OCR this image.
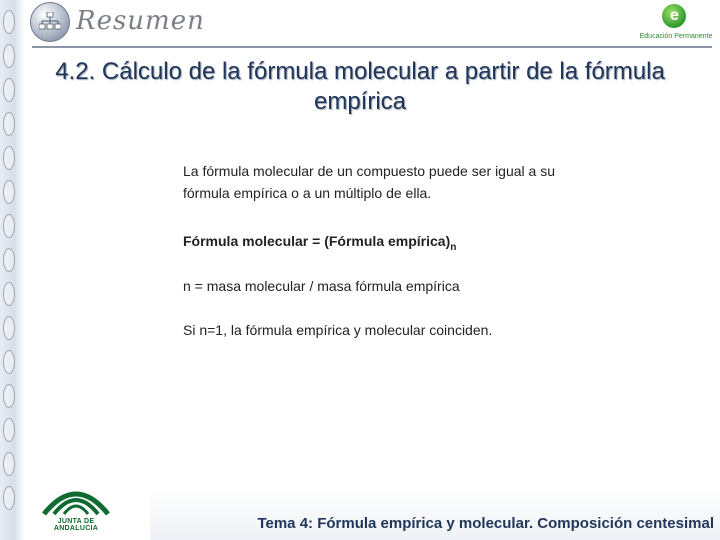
Resumen	e
Educación Permanente
4.2. Cálculo de la fórmula molecular a partir de la fórmula empírica

La fórmula molecular de un compuesto puede ser igual a su fórmula empírica o a un múltiplo de ella.

Fórmula molecular = (Fórmula $empírica)_n$
n = masa molecular / masa fórmula empírica
Si n=1, la fórmula empírica y molecular coinciden.
JUNTA DE ANDALUCIA	Tema 4: Fórmula empírica y molecular. Composición centesimal
